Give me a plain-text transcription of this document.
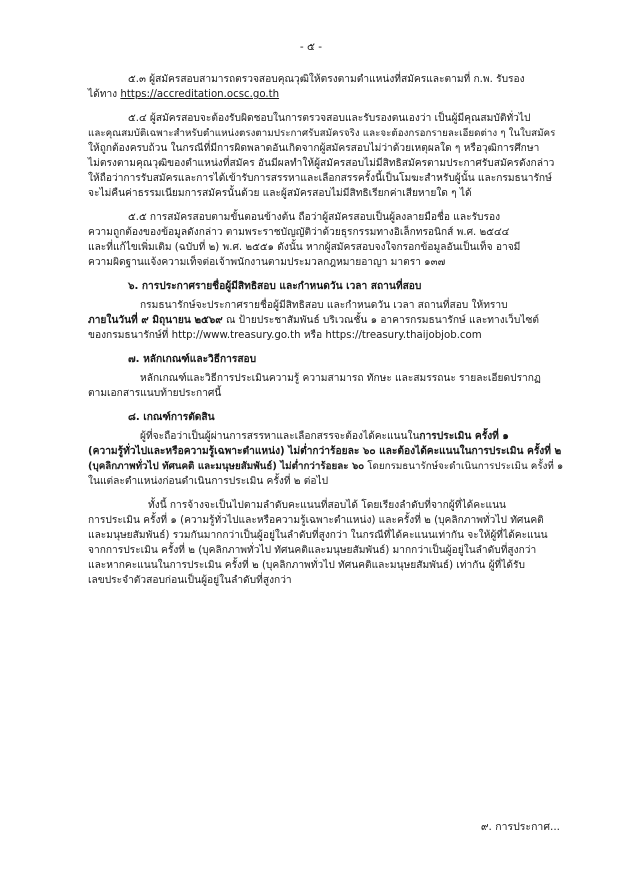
- ๕ -
๕.๓ ผู้สมัครสอบสามารถตรวจสอบคุณวุฒิให้ตรงตามตำแหน่งที่สมัครและตามที่ ก.พ. รับรอง
ได้ทาง https://accreditation.ocsc.go.th
๕.๔ ผู้สมัครสอบจะต้องรับผิดชอบในการตรวจสอบและรับรองตนเองว่า เป็นผู้มีคุณสมบัติทั่วไป
และคุณสมบัติเฉพาะสำหรับตำแหน่งตรงตามประกาศรับสมัครจริง และจะต้องกรอกรายละเอียดต่าง ๆ ในใบสมัคร
ให้ถูกต้องครบถ้วน ในกรณีที่มีการผิดพลาดอันเกิดจากผู้สมัครสอบไม่ว่าด้วยเหตุผลใด ๆ หรือวุฒิการศึกษา
ไม่ตรงตามคุณวุฒิของตำแหน่งที่สมัคร อันมีผลทำให้ผู้สมัครสอบไม่มีสิทธิสมัครตามประกาศรับสมัครดังกล่าว
ให้ถือว่าการรับสมัครและการได้เข้ารับการสรรหาและเลือกสรรครั้งนี้เป็นโมฆะสำหรับผู้นั้น และกรมธนารักษ์
จะไม่คืนค่าธรรมเนียมการสมัครนั้นด้วย และผู้สมัครสอบไม่มีสิทธิเรียกค่าเสียหายใด ๆ ได้
๕.๕ การสมัครสอบตามขั้นตอนข้างต้น ถือว่าผู้สมัครสอบเป็นผู้ลงลายมือชื่อ และรับรอง
ความถูกต้องของข้อมูลดังกล่าว ตามพระราชบัญญัติว่าด้วยธุรกรรมทางอิเล็กทรอนิกส์ พ.ศ. ๒๕๔๔
และที่แก้ไขเพิ่มเติม (ฉบับที่ ๒) พ.ศ. ๒๕๕๑ ดังนั้น หากผู้สมัครสอบจงใจกรอกข้อมูลอันเป็นเท็จ อาจมี
ความผิดฐานแจ้งความเท็จต่อเจ้าพนักงานตามประมวลกฎหมายอาญา มาตรา ๑๓๗
๖. การประกาศรายชื่อผู้มีสิทธิสอบ และกำหนดวัน เวลา สถานที่สอบ
กรมธนารักษ์จะประกาศรายชื่อผู้มีสิทธิสอบ และกำหนดวัน เวลา สถานที่สอบ ให้ทราบ
ภายในวันที่ ๙ มิถุนายน ๒๕๖๙ ณ ป้ายประชาสัมพันธ์ บริเวณชั้น ๑ อาคารกรมธนารักษ์ และทางเว็บไซต์
ของกรมธนารักษ์ที่ http://www.treasury.go.th หรือ https://treasury.thaijobjob.com
๗. หลักเกณฑ์และวิธีการสอบ
หลักเกณฑ์และวิธีการประเมินความรู้ ความสามารถ ทักษะ และสมรรถนะ รายละเอียดปรากฏ
ตามเอกสารแนบท้ายประกาศนี้
๘. เกณฑ์การตัดสิน
ผู้ที่จะถือว่าเป็นผู้ผ่านการสรรหาและเลือกสรรจะต้องได้คะแนนในการประเมิน ครั้งที่ ๑
(ความรู้ทั่วไปและหรือความรู้เฉพาะตำแหน่ง) ไม่ต่ำกว่าร้อยละ ๖๐ และต้องได้คะแนนในการประเมิน ครั้งที่ ๒
(บุคลิกภาพทั่วไป ทัศนคติ และมนุษยสัมพันธ์) ไม่ต่ำกว่าร้อยละ ๖๐ โดยกรมธนารักษ์จะดำเนินการประเมิน ครั้งที่ ๑
ในแต่ละตำแหน่งก่อนดำเนินการประเมิน ครั้งที่ ๒ ต่อไป
ทั้งนี้ การจ้างจะเป็นไปตามลำดับคะแนนที่สอบได้ โดยเรียงลำดับที่จากผู้ที่ได้คะแนน
การประเมิน ครั้งที่ ๑ (ความรู้ทั่วไปและหรือความรู้เฉพาะตำแหน่ง) และครั้งที่ ๒ (บุคลิกภาพทั่วไป ทัศนคติ
และมนุษยสัมพันธ์) รวมกันมากกว่าเป็นผู้อยู่ในลำดับที่สูงกว่า ในกรณีที่ได้คะแนนเท่ากัน จะให้ผู้ที่ได้คะแนน
จากการประเมิน ครั้งที่ ๒ (บุคลิกภาพทั่วไป ทัศนคติและมนุษยสัมพันธ์) มากกว่าเป็นผู้อยู่ในลำดับที่สูงกว่า
และหากคะแนนในการประเมิน ครั้งที่ ๒ (บุคลิกภาพทั่วไป ทัศนคติและมนุษยสัมพันธ์) เท่ากัน ผู้ที่ได้รับ
เลขประจำตัวสอบก่อนเป็นผู้อยู่ในลำดับที่สูงกว่า
๙. การประกาศ...
